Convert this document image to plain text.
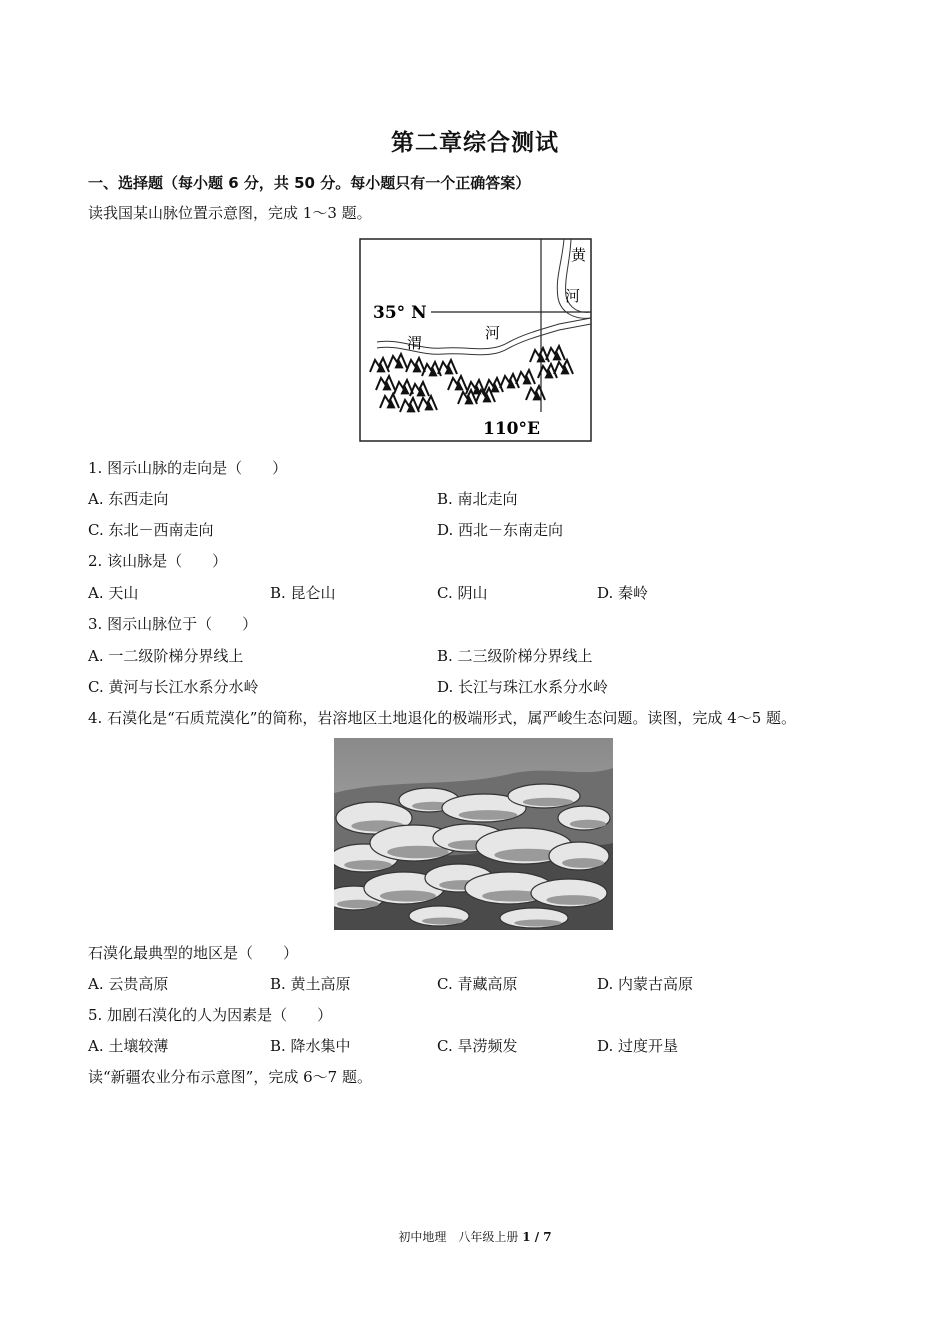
第二章综合测试
一、选择题（每小题 6 分，共 50 分。每小题只有一个正确答案）
读我国某山脉位置示意图，完成 1～3 题。
35° N
110°E
渭
河
黄
河
1. 图示山脉的走向是（　　）
A. 东西走向	B. 南北走向
C. 东北－西南走向	D. 西北－东南走向
2. 该山脉是（　　）
A. 天山	B. 昆仑山	C. 阴山	D. 秦岭
3. 图示山脉位于（　　）
A. 一二级阶梯分界线上	B. 二三级阶梯分界线上
C. 黄河与长江水系分水岭	D. 长江与珠江水系分水岭
4. 石漠化是“石质荒漠化”的简称，岩溶地区土地退化的极端形式，属严峻生态问题。读图，完成 4～5 题。
石漠化最典型的地区是（　　）
A. 云贵高原	B. 黄土高原	C. 青藏高原	D. 内蒙古高原
5. 加剧石漠化的人为因素是（　　）
A. 土壤较薄	B. 降水集中	C. 旱涝频发	D. 过度开垦
读“新疆农业分布示意图”，完成 6～7 题。
初中地理　八年级上册 1 / 7
